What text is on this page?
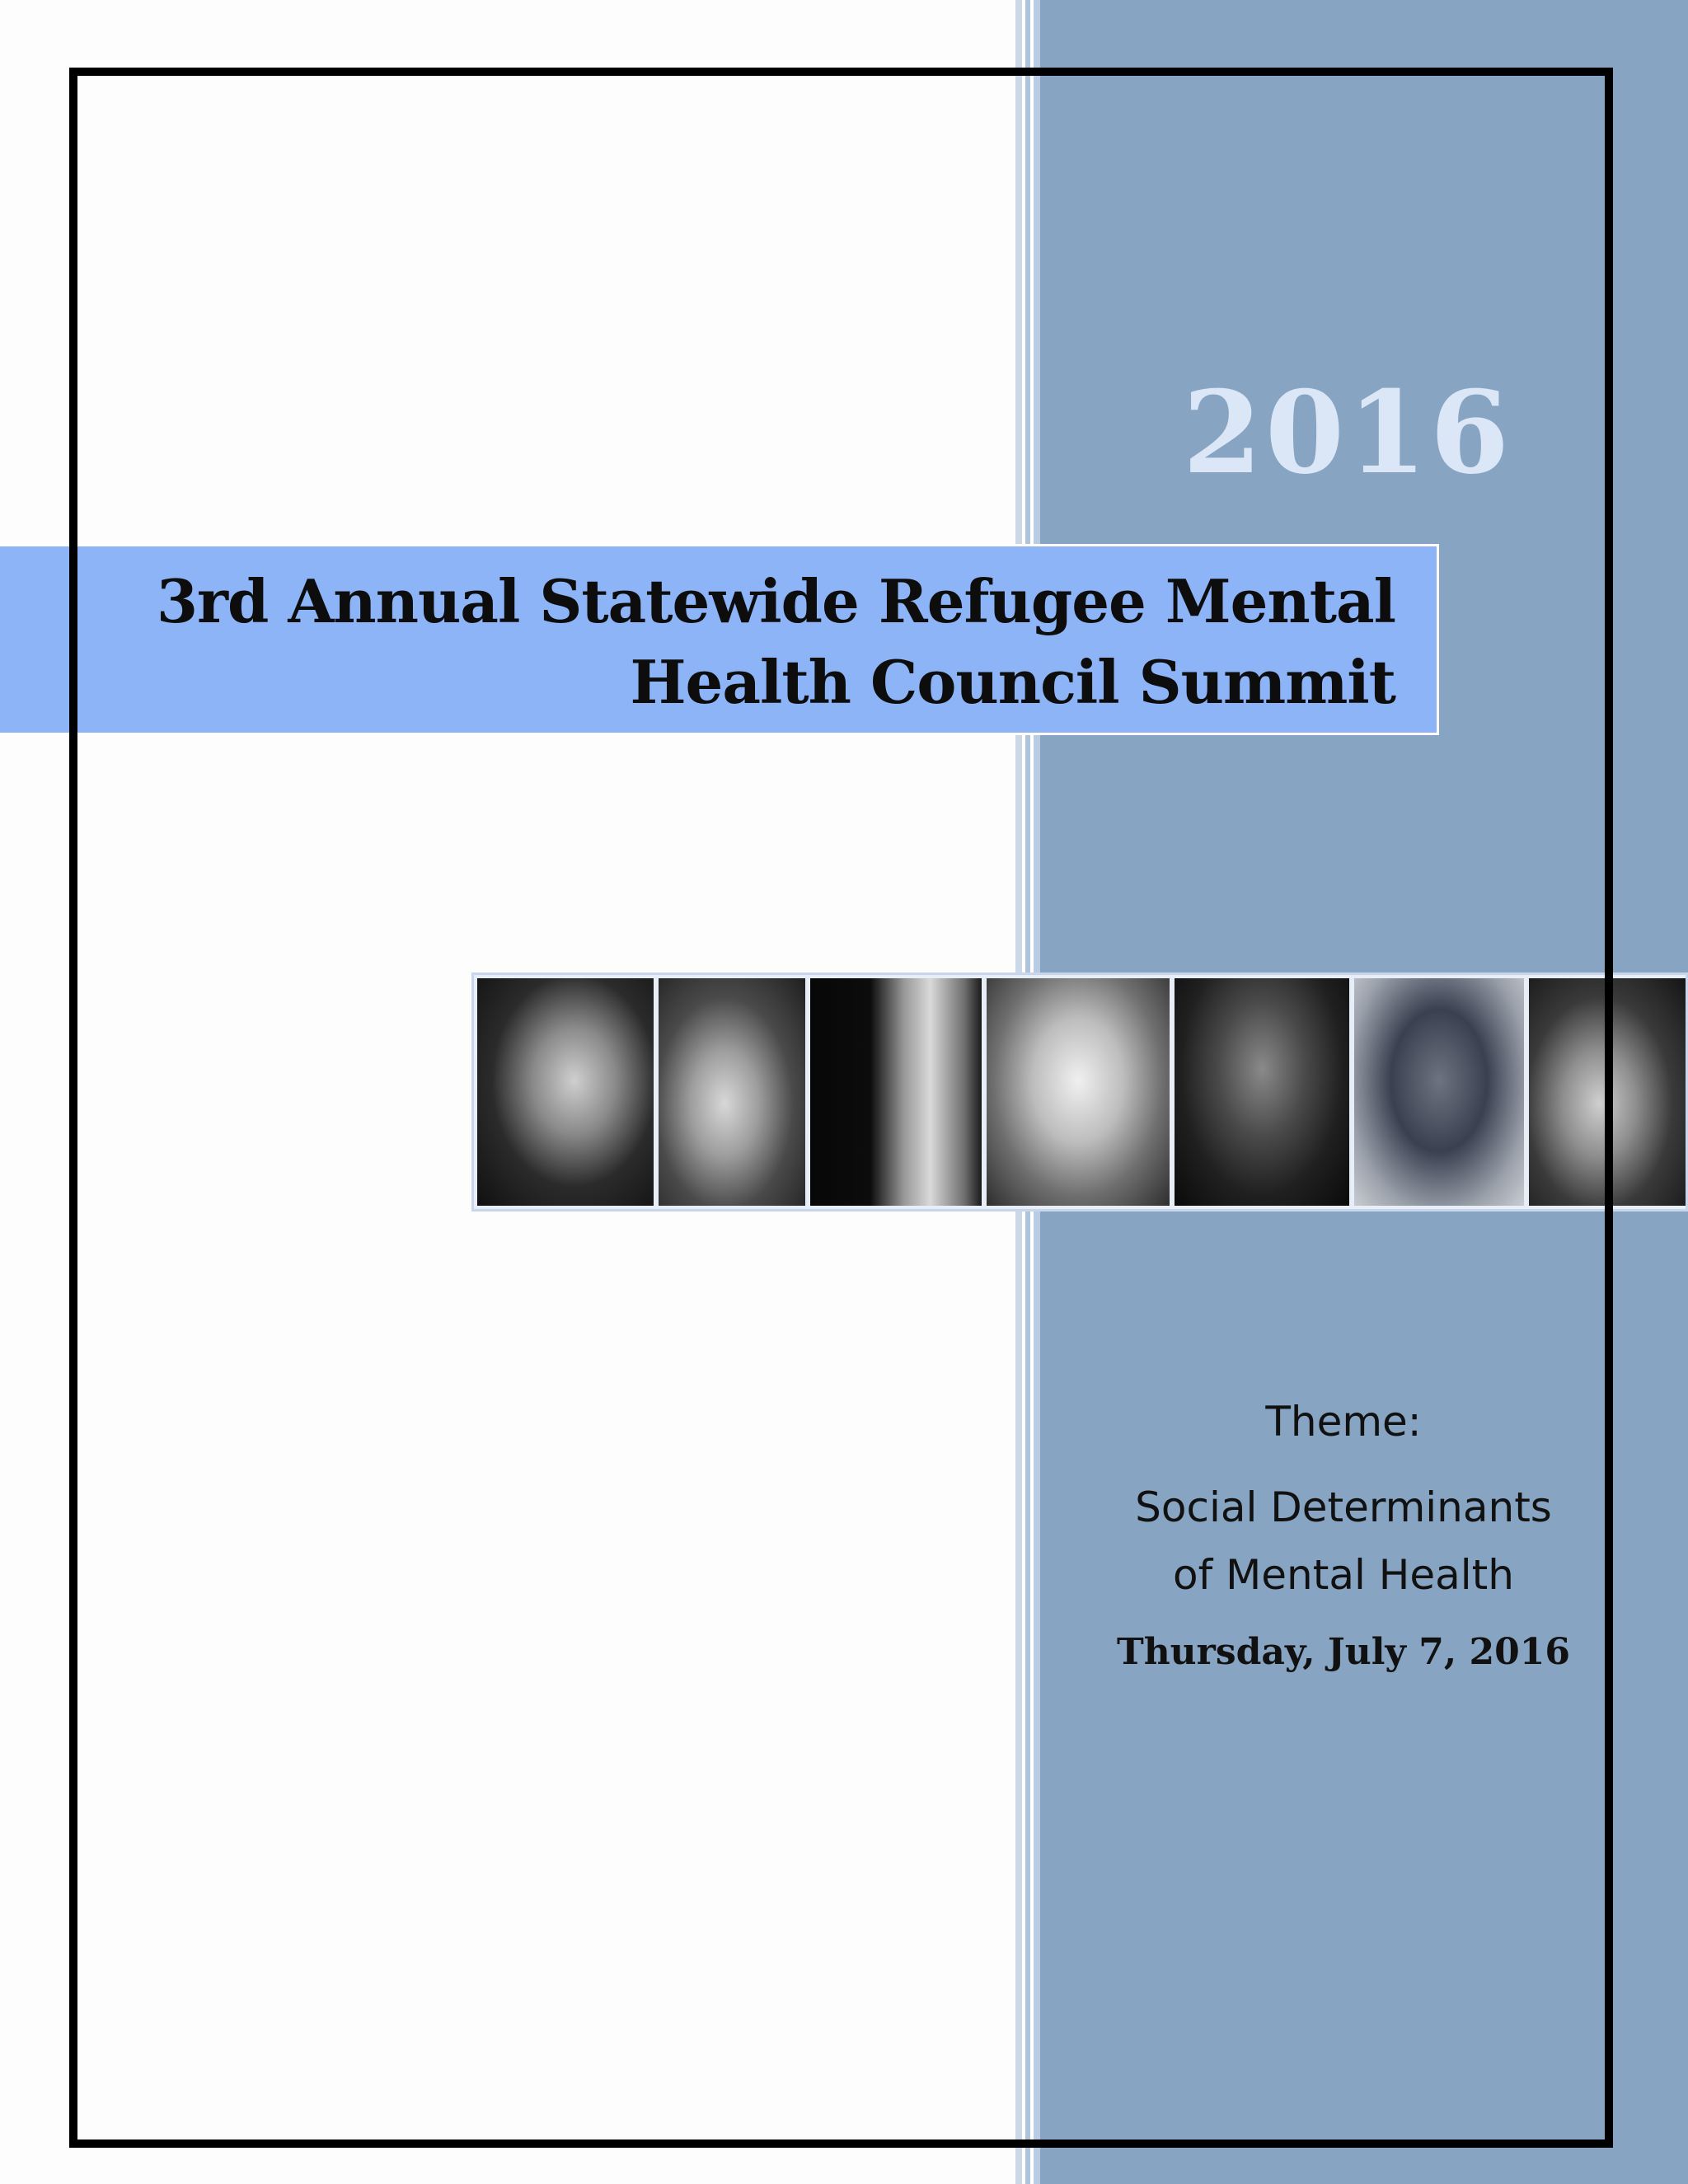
2016
3rd Annual Statewide Refugee Mental
Health Council Summit
Theme:
Social Determinants
of Mental Health
Thursday, July 7, 2016
